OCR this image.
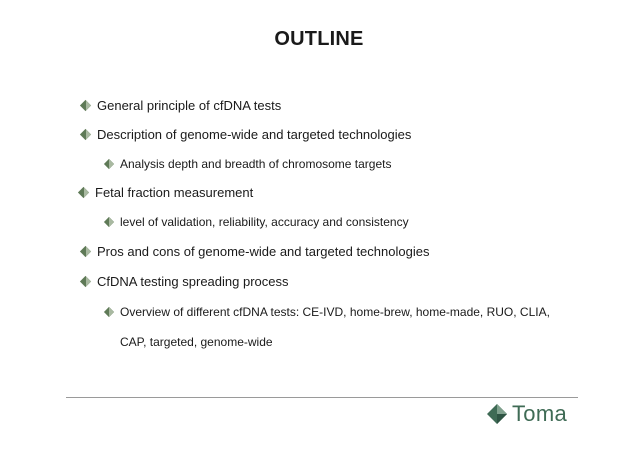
OUTLINE
General principle of cfDNA tests
Description of genome-wide and targeted technologies
Analysis depth and breadth of chromosome targets
Fetal fraction measurement
level of validation, reliability, accuracy and consistency
Pros and cons of genome-wide and targeted technologies
CfDNA testing spreading process
Overview of different cfDNA tests: CE-IVD, home-brew, home-made, RUO, CLIA,
CAP, targeted, genome-wide
Toma
